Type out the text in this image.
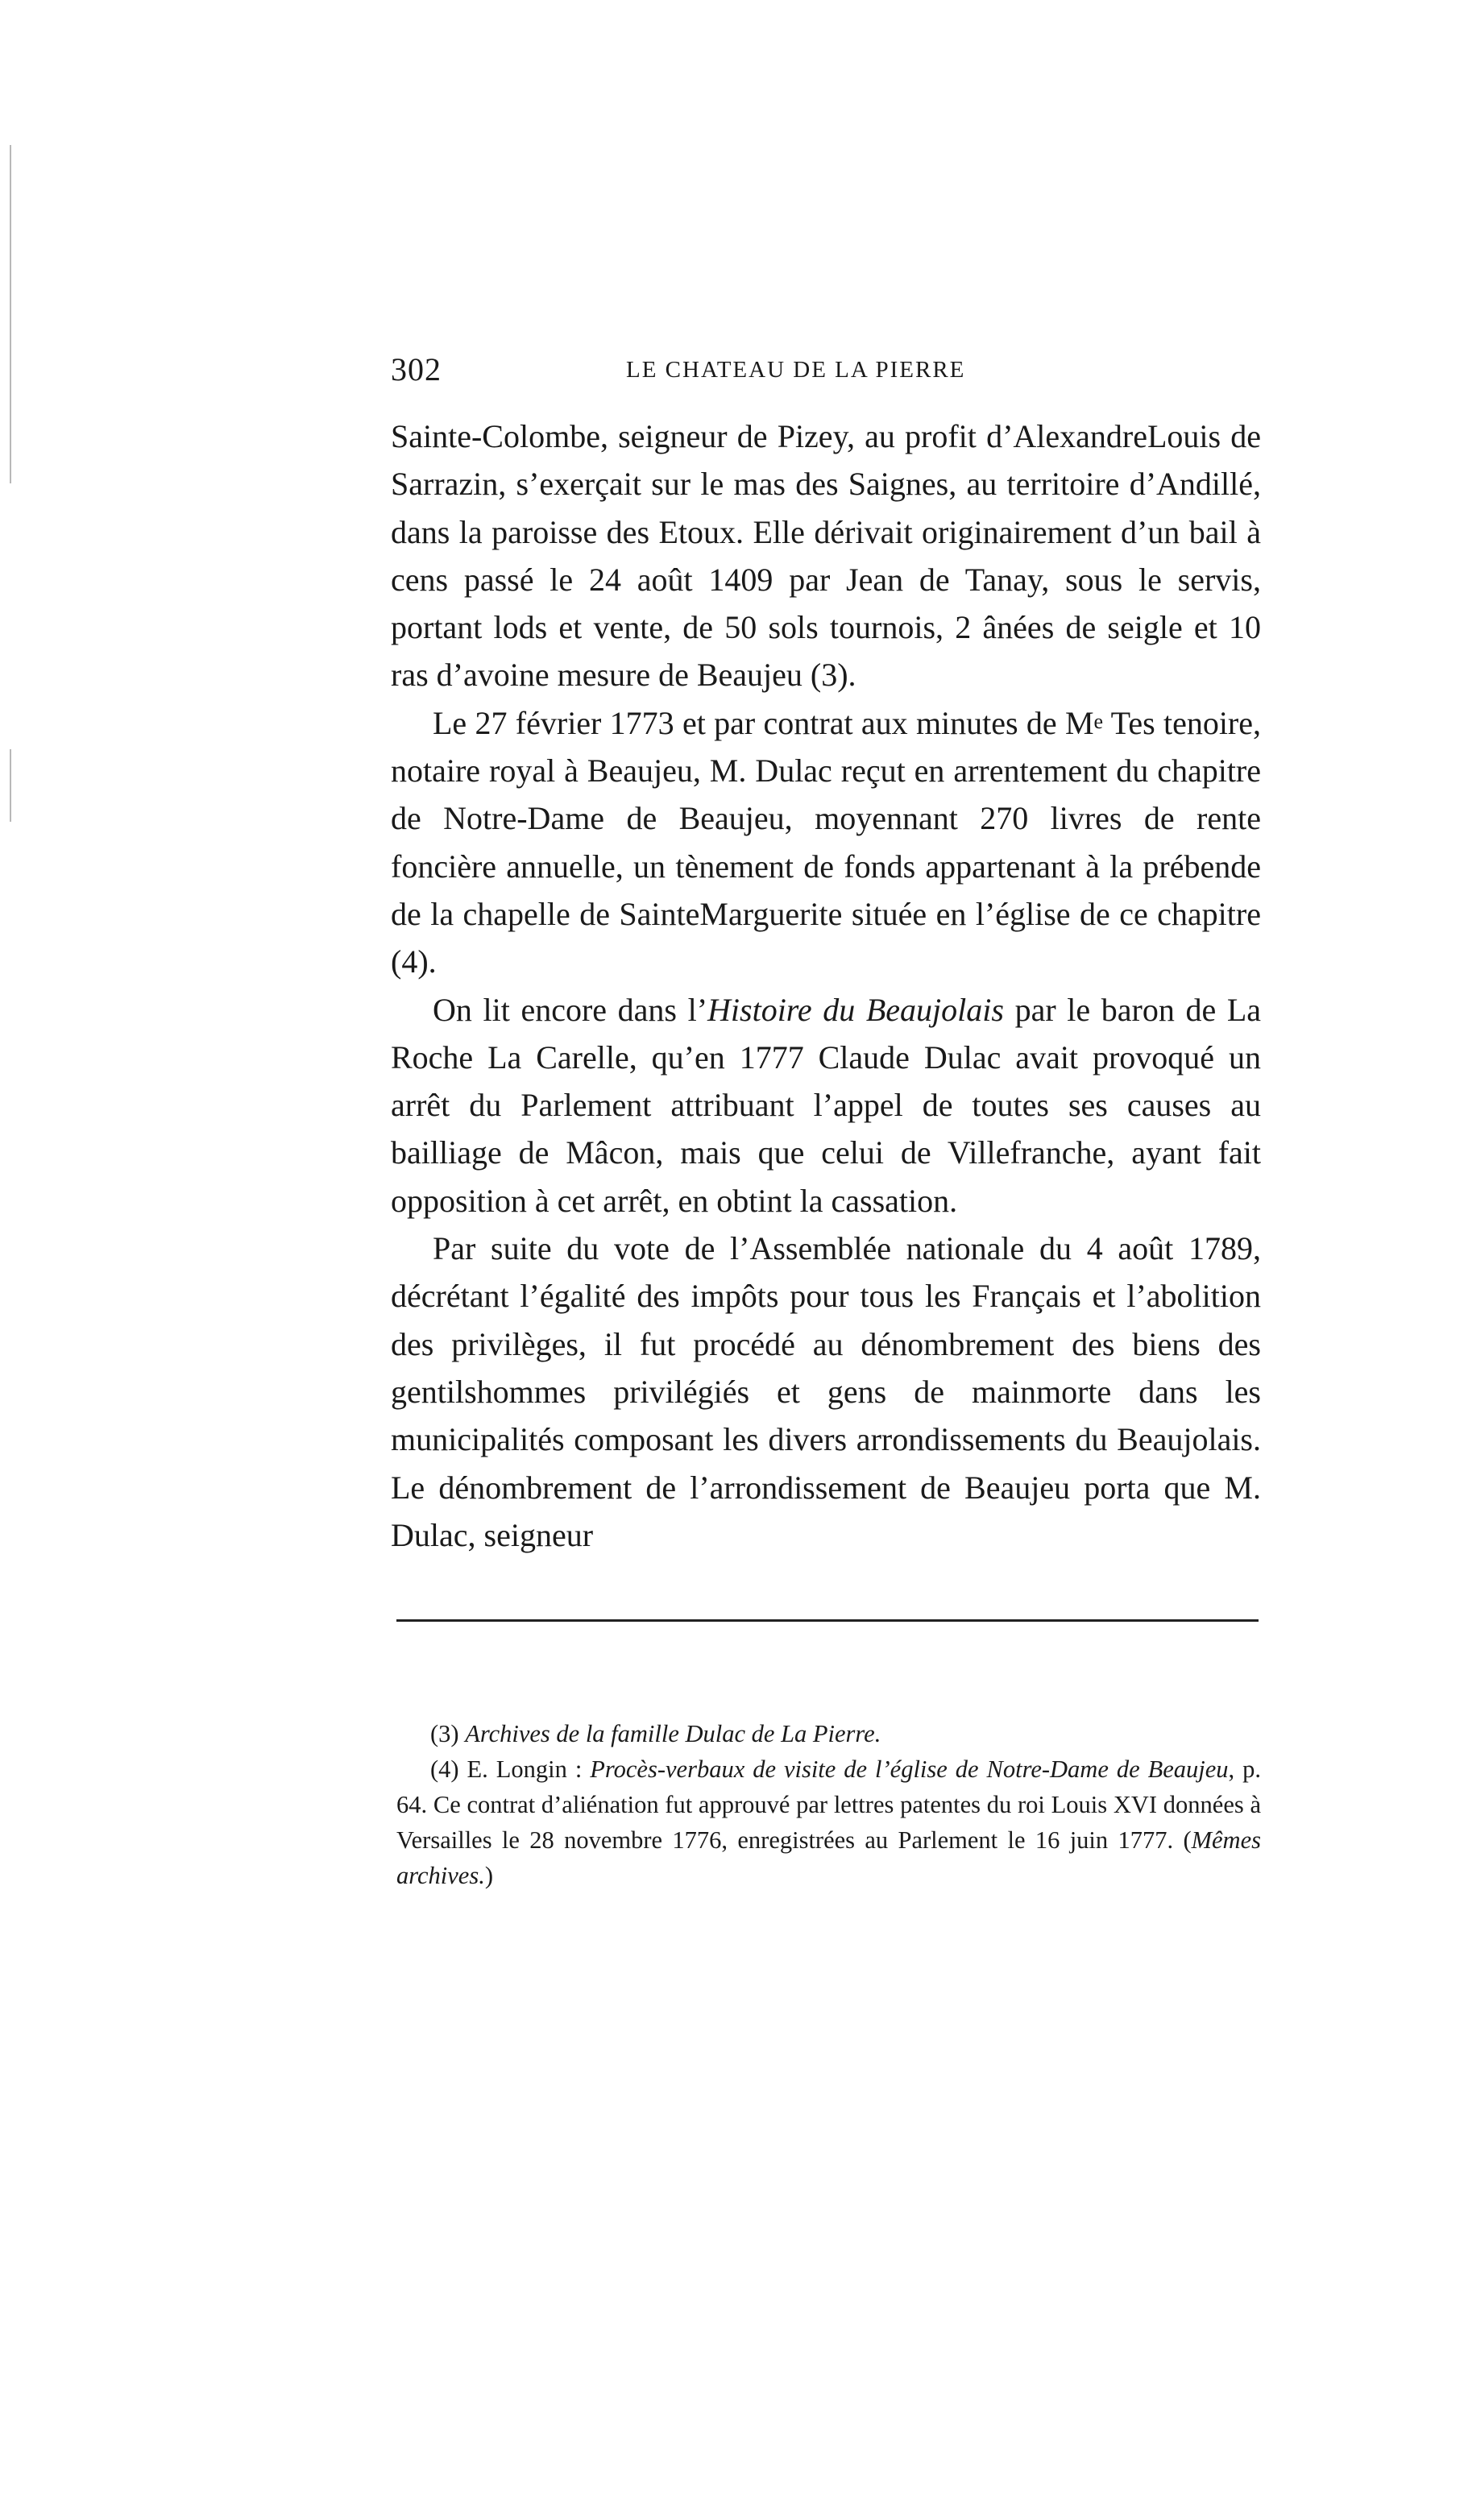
302	LE CHATEAU DE LA PIERRE

Sainte-Colombe, seigneur de Pizey, au profit d’AlexandreLouis de Sarrazin, s’exerçait sur le mas des Saignes, au territoire d’Andillé, dans la paroisse des Etoux. Elle dérivait originairement d’un bail à cens passé le 24 août 1409 par Jean de Tanay, sous le servis, portant lods et vente, de 50 sols tournois, 2 ânées de seigle et 10 ras d’avoine mesure de Beaujeu (3).

Le 27 février 1773 et par contrat aux minutes de Me Tes tenoire, notaire royal à Beaujeu, M. Dulac reçut en arrentement du chapitre de Notre-Dame de Beaujeu, moyennant 270 livres de rente foncière annuelle, un tènement de fonds appartenant à la prébende de la chapelle de SainteMarguerite située en l’église de ce chapitre (4).

On lit encore dans l’Histoire du Beaujolais par le baron de La Roche La Carelle, qu’en 1777 Claude Dulac avait provoqué un arrêt du Parlement attribuant l’appel de toutes ses causes au bailliage de Mâcon, mais que celui de Villefranche, ayant fait opposition à cet arrêt, en obtint la cassation.

Par suite du vote de l’Assemblée nationale du 4 août 1789, décrétant l’égalité des impôts pour tous les Français et l’abolition des privilèges, il fut procédé au dénombrement des biens des gentilshommes privilégiés et gens de mainmorte dans les municipalités composant les divers arrondissements du Beaujolais. Le dénombrement de l’arrondissement de Beaujeu porta que M. Dulac, seigneur

(3) Archives de la famille Dulac de La Pierre.

(4) E. Longin : Procès-verbaux de visite de l’église de Notre-Dame de Beaujeu, p. 64. Ce contrat d’aliénation fut approuvé par lettres patentes du roi Louis XVI données à Versailles le 28 novembre 1776, enregistrées au Parlement le 16 juin 1777. (Mêmes archives.)
